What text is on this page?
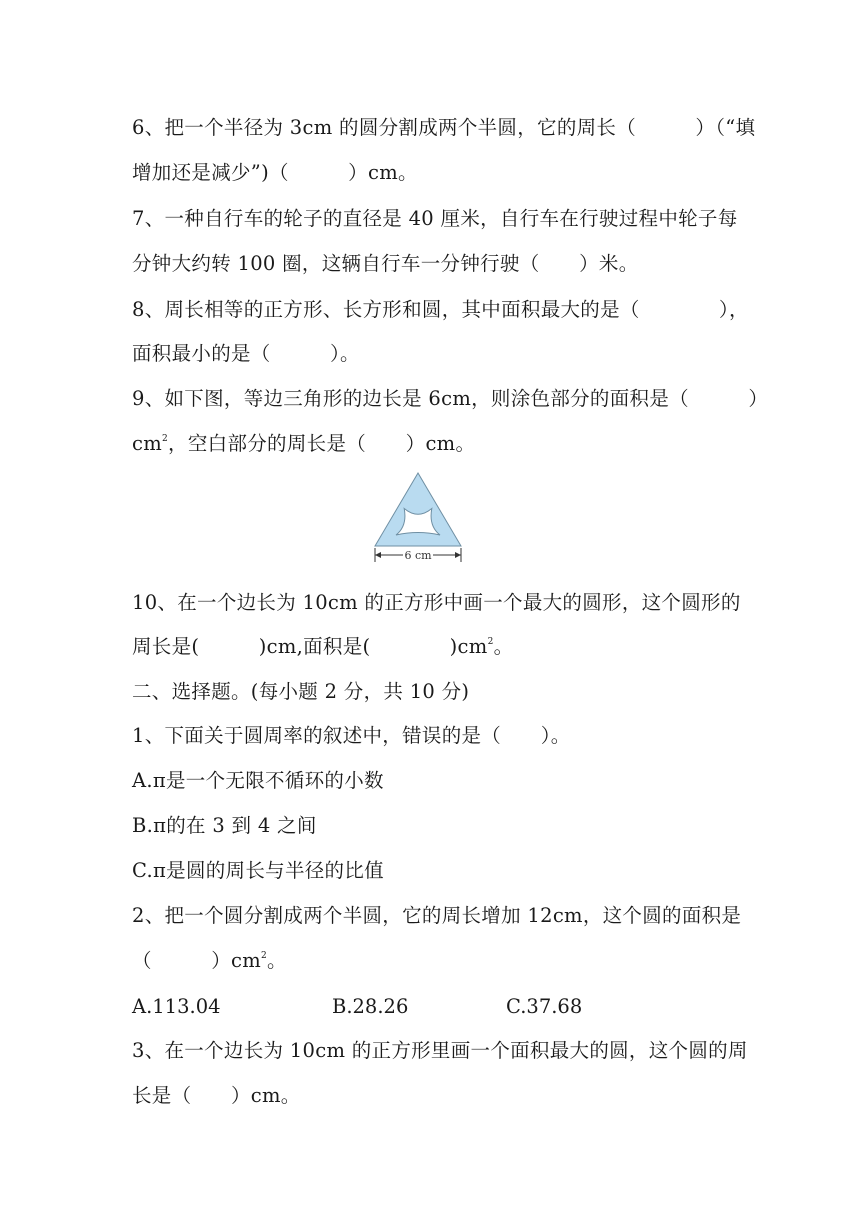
6、把一个半径为 3cm 的圆分割成两个半圆，它的周长（　　　）（“填
增加还是减少”)（　　　）cm。
7、一种自行车的轮子的直径是 40 厘米，自行车在行驶过程中轮子每
分钟大约转 100 圈，这辆自行车一分钟行驶（　　）米。
8、周长相等的正方形、长方形和圆，其中面积最大的是（　　　　），
面积最小的是（　　　）。
9、如下图，等边三角形的边长是 6cm，则涂色部分的面积是（　　　）
$cm^2$，空白部分的周长是（　　）cm。
6 cm
10、在一个边长为 10cm 的正方形中画一个最大的圆形，这个圆形的
周长是(　　　)cm,面积是(　　　　)$cm^2$。
二、选择题。(每小题 2 分，共 10 分)
1、下面关于圆周率的叙述中，错误的是（　　）。
A.π是一个无限不循环的小数
B.π的在 3 到 4 之间
C.π是圆的周长与半径的比值
2、把一个圆分割成两个半圆，它的周长增加 12cm，这个圆的面积是
（　　　）$cm^2$。
A.113.04	B.28.26	C.37.68
3、在一个边长为 10cm 的正方形里画一个面积最大的圆，这个圆的周
长是（　　）cm。
